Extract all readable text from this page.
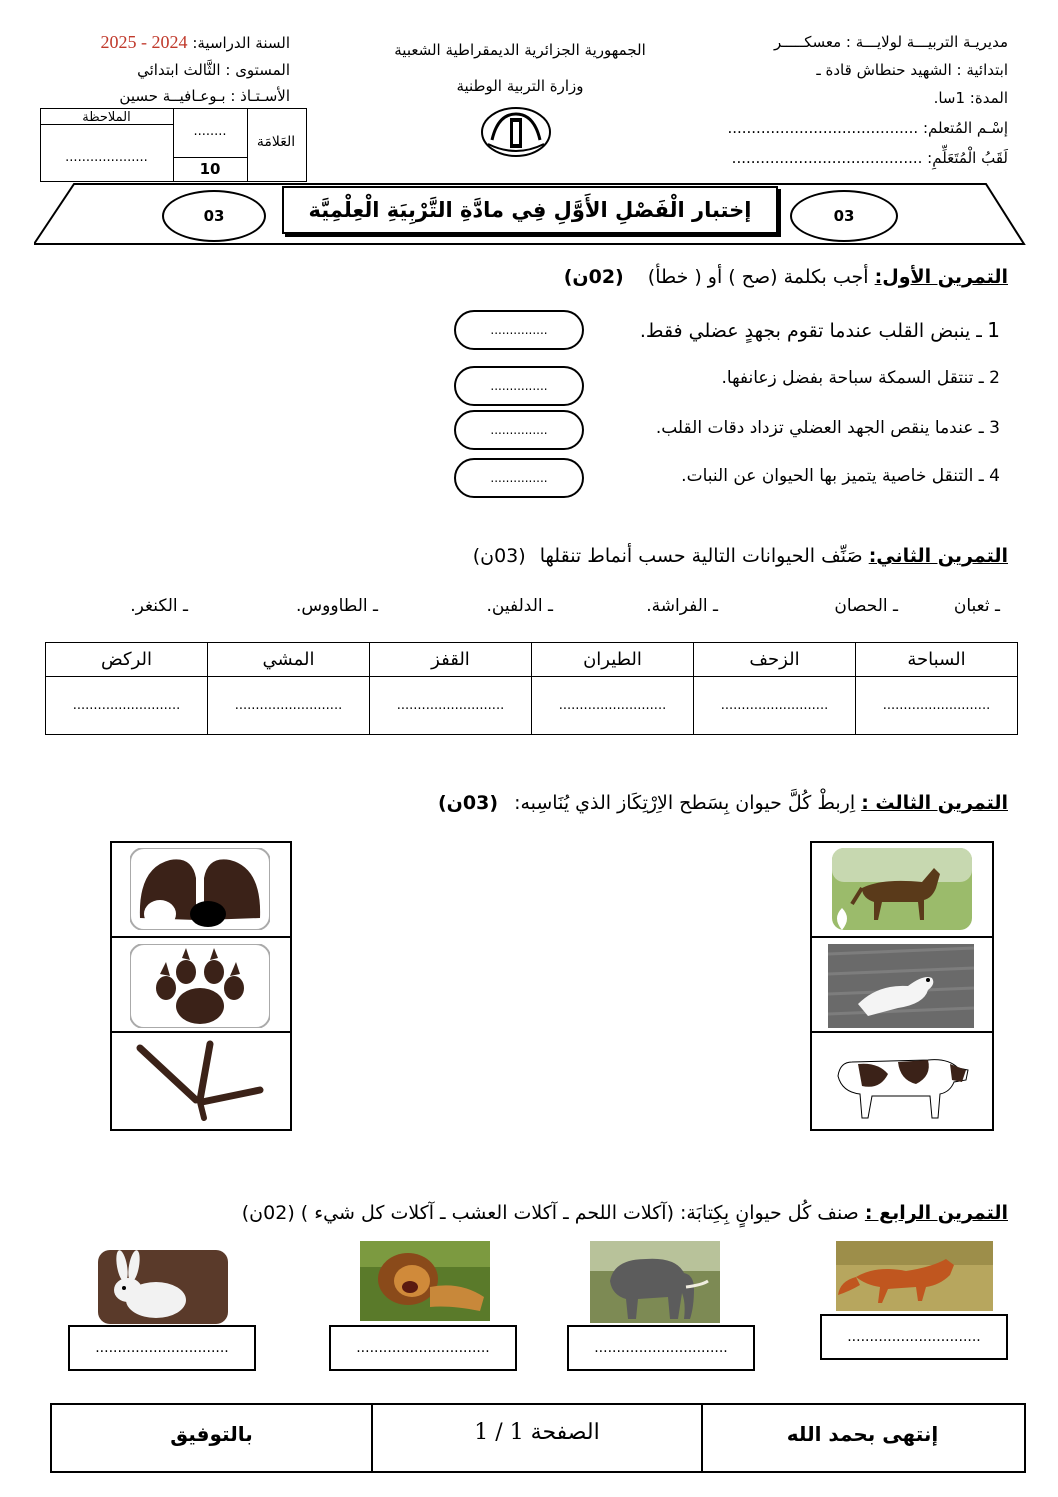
مديريـة التربيـــة لولايـــة : معسكـــــر
ابتدائية : الشهيد حنطاش قادة ـ
المدة: 1سا.
إسْـم المُتعلم: ........................................
لَقَبُ الْمُتَعَلِّمِ: ........................................
الجمهورية الجزائرية الديمقراطية الشعبية
وزارة التربية الوطنية
السنة الدراسية: 2024 - 2025
المستوى : الثَّالث ابتدائي
الأسـتـاذ : بـوعـافيــة حسين
الملاحظة
....................
........
10
العَلامَة
03	03
إختبار الْفَصْلِ الأَوَّلِ فِي مادَّةِ التَّرْبِيَةِ الْعِلْمِيَّة
التمرين الأول: أجب بكلمة (صح ) أو ( خطأ) (02ن)
1 ـ ينبض القلب عندما تقوم بجهدٍ عضلي فقط.
...............
2 ـ تنتقل السمكة سباحة بفضل زعانفها.
...............
3 ـ عندما ينقص الجهد العضلي تزداد دقات القلب.
...............
4 ـ التنقل خاصية يتميز بها الحيوان عن النبات.
...............
التمرين الثاني: صَنِّف الحيوانات التالية حسب أنماط تنقلها (03ن)
ـ ثعبان
ـ الحصان
ـ الفراشة.
ـ الدلفين.
ـ الطاووس.
ـ الكنغر.
الركض	المشي	القفز	الطيران	الزحف	السباحة
..........................	..........................	..........................	..........................	..........................	..........................
التمرين الثالث : اِربطْ كُلَّ حيوان بِسَطح الاِرْتِكَاز الذي يُنَاسِبه: (03ن)
التمرين الرابع : صنف كُل حيوانٍ بِكِتابَة: (آكلات اللحم ـ آكلات العشب ـ آكلات كل شيء ) (02ن)
..............................
..............................
..............................
..............................
بالتوفيق	الصفحة 1 / 1	إنتهى بحمد الله
